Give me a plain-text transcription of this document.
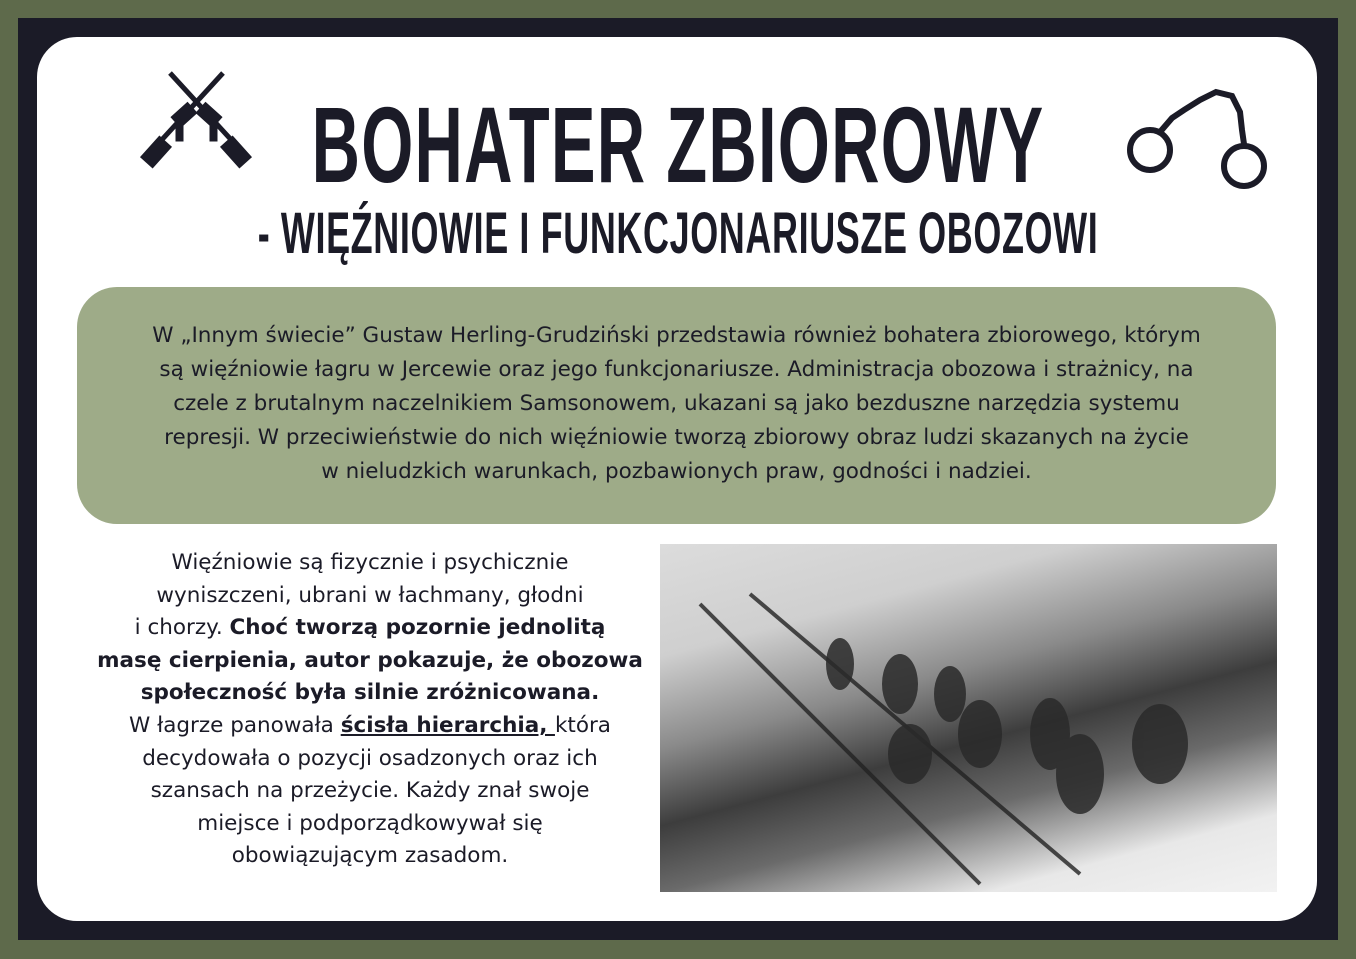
BOHATER ZBIOROWY
- WIĘŹNIOWIE I FUNKCJONARIUSZE OBOZOWI
W „Innym świecie” Gustaw Herling-Grudziński przedstawia również bohatera zbiorowego, którym
są więźniowie łagru w Jercewie oraz jego funkcjonariusze. Administracja obozowa i strażnicy, na
czele z brutalnym naczelnikiem Samsonowem, ukazani są jako bezduszne narzędzia systemu
represji. W przeciwieństwie do nich więźniowie tworzą zbiorowy obraz ludzi skazanych na życie
w nieludzkich warunkach, pozbawionych praw, godności i nadziei.
Więźniowie są fizycznie i psychicznie
wyniszczeni, ubrani w łachmany, głodni
i chorzy. Choć tworzą pozornie jednolitą
masę cierpienia, autor pokazuje, że obozowa
społeczność była silnie zróżnicowana.
W łagrze panowała ścisła hierarchia, która
decydowała o pozycji osadzonych oraz ich
szansach na przeżycie. Każdy znał swoje
miejsce i podporządkowywał się
obowiązującym zasadom.
